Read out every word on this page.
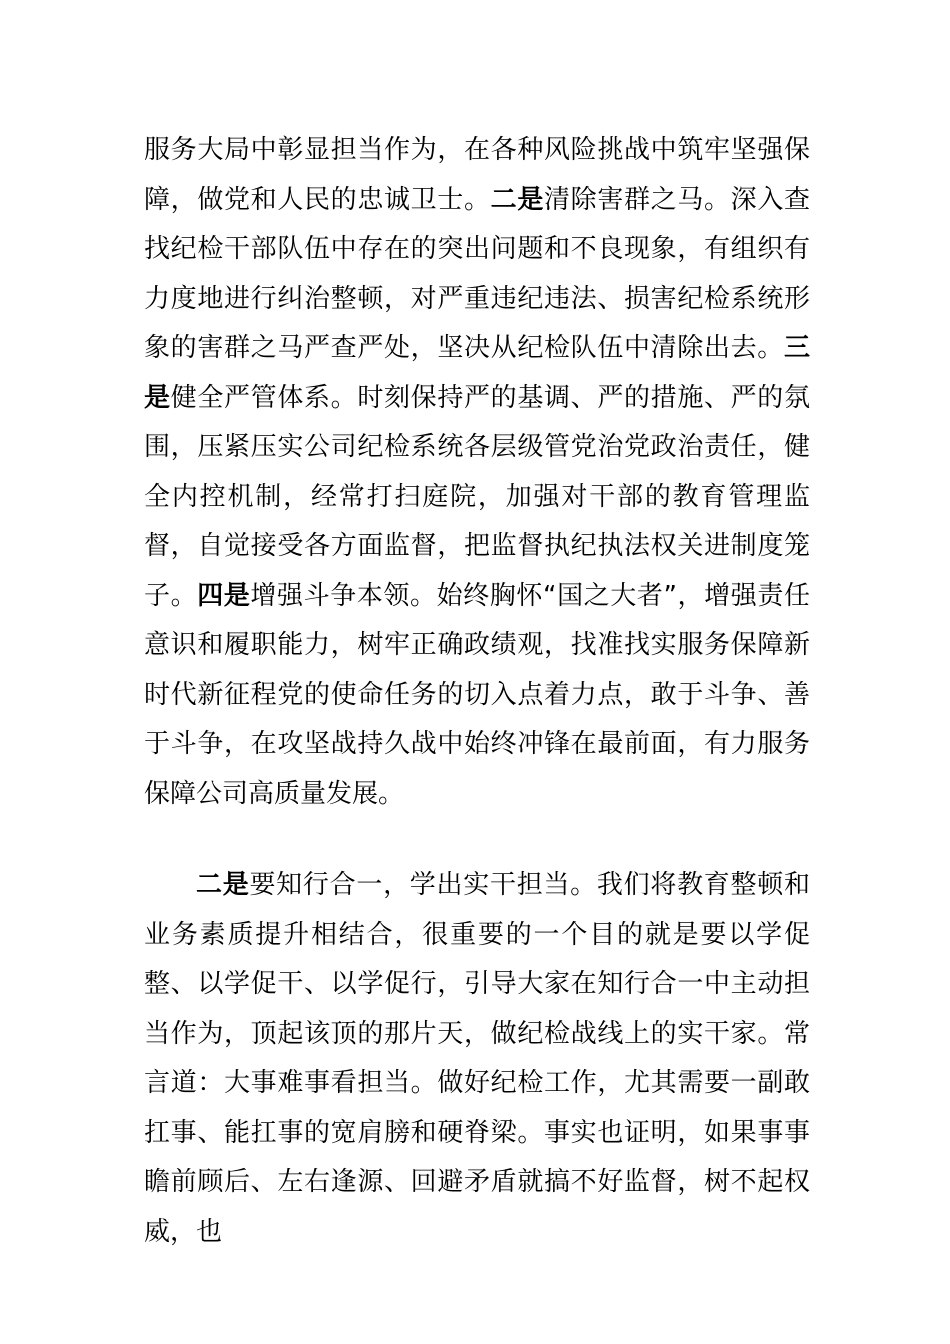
服务大局中彰显担当作为，在各种风险挑战中筑牢坚强保障，做党和人民的忠诚卫士。二是清除害群之马。深入查找纪检干部队伍中存在的突出问题和不良现象，有组织有力度地进行纠治整顿，对严重违纪违法、损害纪检系统形象的害群之马严查严处，坚决从纪检队伍中清除出去。三是健全严管体系。时刻保持严的基调、严的措施、严的氛围，压紧压实公司纪检系统各层级管党治党政治责任，健全内控机制，经常打扫庭院，加强对干部的教育管理监督，自觉接受各方面监督，把监督执纪执法权关进制度笼子。四是增强斗争本领。始终胸怀“国之大者”，增强责任意识和履职能力，树牢正确政绩观，找准找实服务保障新时代新征程党的使命任务的切入点着力点，敢于斗争、善于斗争，在攻坚战持久战中始终冲锋在最前面，有力服务保障公司高质量发展。

二是要知行合一，学出实干担当。我们将教育整顿和业务素质提升相结合，很重要的一个目的就是要以学促整、以学促干、以学促行，引导大家在知行合一中主动担当作为，顶起该顶的那片天，做纪检战线上的实干家。常言道：大事难事看担当。做好纪检工作，尤其需要一副敢扛事、能扛事的宽肩膀和硬脊梁。事实也证明，如果事事瞻前顾后、左右逢源、回避矛盾就搞不好监督，树不起权威，也
